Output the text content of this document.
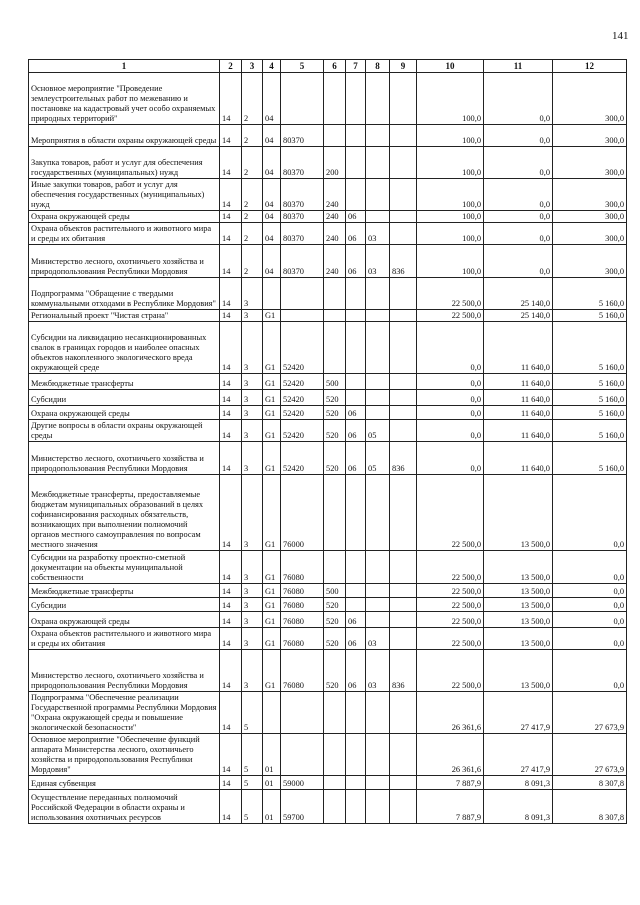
141
1	2	3	4	5	6	7	8	9	10	11	12
Основное мероприятие "Проведение землеустроительных работ по межеванию и постановке на кадастровый учет особо охраняемых природных территорий"	14	2	04						100,0	0,0	300,0
Мероприятия в области охраны окружающей среды	14	2	04	80370					100,0	0,0	300,0
Закупка товаров, работ и услуг для обеспечения государственных (муниципальных) нужд	14	2	04	80370	200				100,0	0,0	300,0
Иные закупки товаров, работ и услуг для обеспечения государственных (муниципальных) нужд	14	2	04	80370	240				100,0	0,0	300,0
Охрана окружающей среды	14	2	04	80370	240	06			100,0	0,0	300,0
Охрана объектов растительного и животного мира и среды их обитания	14	2	04	80370	240	06	03		100,0	0,0	300,0
Министерство лесного, охотничьего хозяйства и природопользования Республики Мордовия	14	2	04	80370	240	06	03	836	100,0	0,0	300,0
Подпрограмма "Обращение с твердыми коммунальными отходами в Республике Мордовия"	14	3							22 500,0	25 140,0	5 160,0
Региональный проект "Чистая страна"	14	3	G1						22 500,0	25 140,0	5 160,0
Субсидии на ликвидацию несанкционированных свалок в границах городов и наиболее опасных объектов накопленного экологического вреда окружающей среде	14	3	G1	52420					0,0	11 640,0	5 160,0
Межбюджетные трансферты	14	3	G1	52420	500				0,0	11 640,0	5 160,0
Субсидии	14	3	G1	52420	520				0,0	11 640,0	5 160,0
Охрана окружающей среды	14	3	G1	52420	520	06			0,0	11 640,0	5 160,0
Другие вопросы в области охраны окружающей среды	14	3	G1	52420	520	06	05		0,0	11 640,0	5 160,0
Министерство лесного, охотничьего хозяйства и природопользования Республики Мордовия	14	3	G1	52420	520	06	05	836	0,0	11 640,0	5 160,0
Межбюджетные трансферты, предоставляемые бюджетам муниципальных образований в целях софинансирования расходных обязательств, возникающих при выполнении полномочий органов местного самоуправления по вопросам местного значения	14	3	G1	76000					22 500,0	13 500,0	0,0
Субсидии на разработку проектно-сметной документации на объекты муниципальной собственности	14	3	G1	76080					22 500,0	13 500,0	0,0
Межбюджетные трансферты	14	3	G1	76080	500				22 500,0	13 500,0	0,0
Субсидии	14	3	G1	76080	520				22 500,0	13 500,0	0,0
Охрана окружающей среды	14	3	G1	76080	520	06			22 500,0	13 500,0	0,0
Охрана объектов растительного и животного мира и среды их обитания	14	3	G1	76080	520	06	03		22 500,0	13 500,0	0,0
Министерство лесного, охотничьего хозяйства и природопользования Республики Мордовия	14	3	G1	76080	520	06	03	836	22 500,0	13 500,0	0,0
Подпрограмма "Обеспечение реализации Государственной программы Республики Мордовия "Охрана окружающей среды и повышение экологической безопасности"	14	5							26 361,6	27 417,9	27 673,9
Основное мероприятие "Обеспечение функций аппарата Министерства лесного, охотничьего хозяйства и природопользования Республики Мордовия"	14	5	01						26 361,6	27 417,9	27 673,9
Единая субвенция	14	5	01	59000					7 887,9	8 091,3	8 307,8
Осуществление переданных полномочий Российской Федерации в области охраны и использования охотничьих ресурсов	14	5	01	59700					7 887,9	8 091,3	8 307,8
